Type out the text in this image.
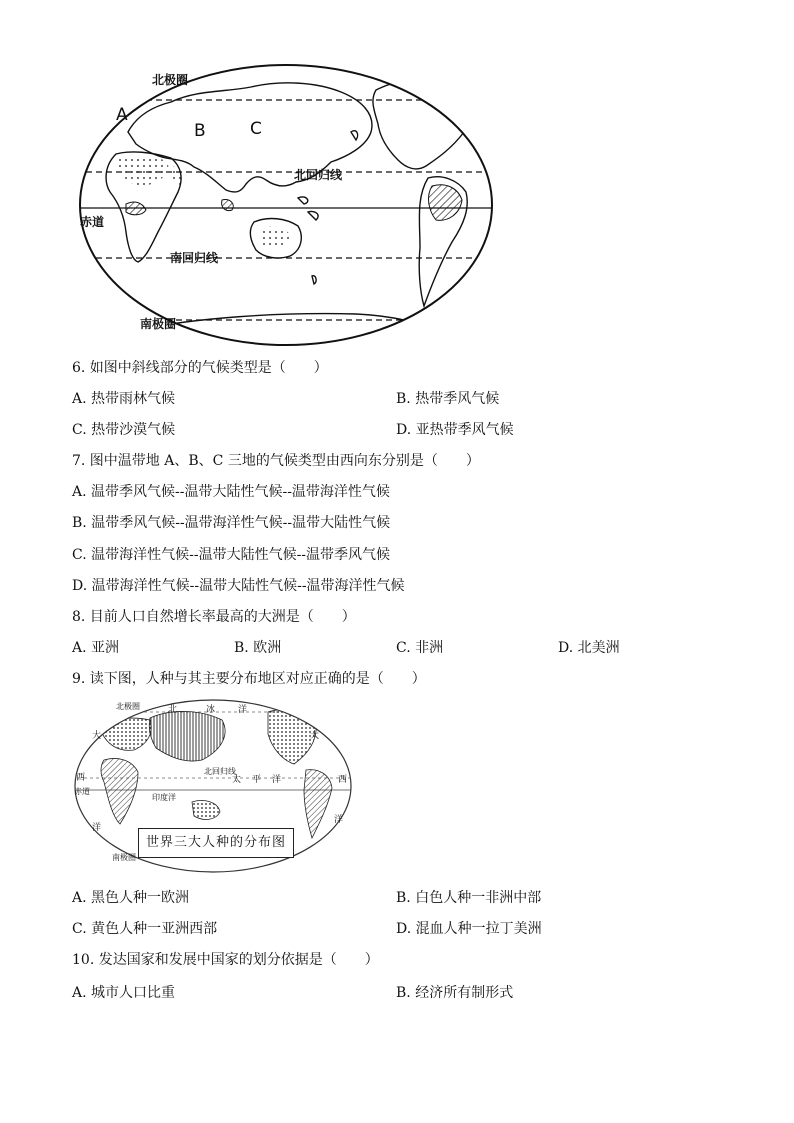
北极圈
A
B	C
北回归线
赤道
南回归线
南极圈
6. 如图中斜线部分的气候类型是（　　）
A. 热带雨林气候	B. 热带季风气候
C. 热带沙漠气候	D. 亚热带季风气候
7. 图中温带地 A、B、C 三地的气候类型由西向东分别是（　　）
A. 温带季风气候--温带大陆性气候--温带海洋性气候
B. 温带季风气候--温带海洋性气候--温带大陆性气候
C. 温带海洋性气候--温带大陆性气候--温带季风气候
D. 温带海洋性气候--温带大陆性气候--温带海洋性气候
8. 目前人口自然增长率最高的大洲是（　　）
A. 亚洲	B. 欧洲	C. 非洲	D. 北美洲
9. 读下图，人种与其主要分布地区对应正确的是（　　）
北极圈	北	冰	洋
大	大
西
赤道
洋
印度洋
北回归线
太 平 洋	西
洋
南极圈
世界三大人种的分布图
A. 黑色人种一欧洲	B. 白色人种一非洲中部
C. 黄色人种一亚洲西部	D. 混血人种一拉丁美洲
10. 发达国家和发展中国家的划分依据是（　　）
A. 城市人口比重	B. 经济所有制形式
